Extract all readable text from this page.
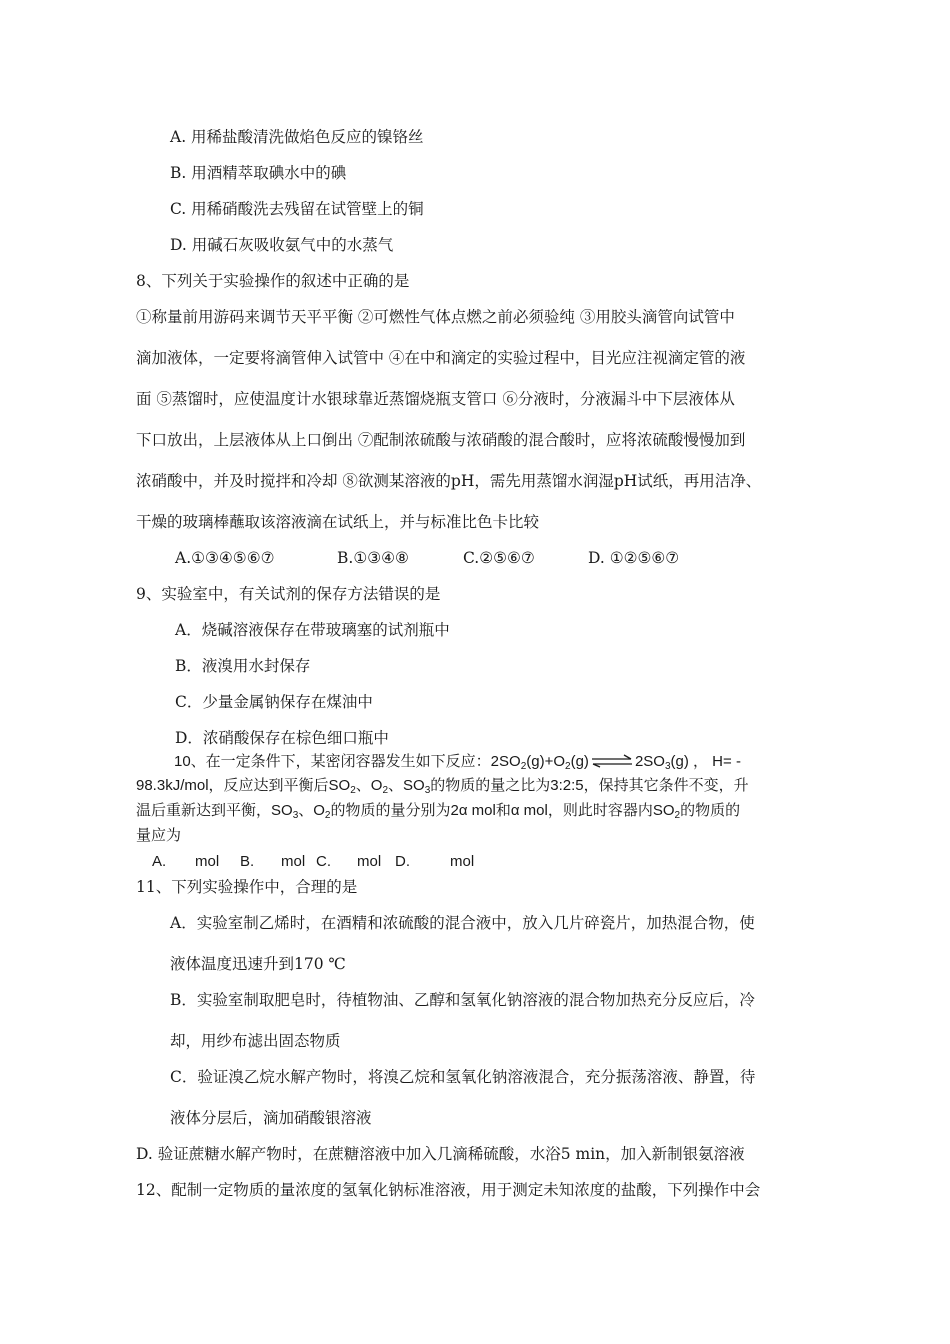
A. 用稀盐酸清洗做焰色反应的镍铬丝
B. 用酒精萃取碘水中的碘
C. 用稀硝酸洗去残留在试管壁上的铜
D. 用碱石灰吸收氨气中的水蒸气
8、下列关于实验操作的叙述中正确的是
①称量前用游码来调节天平平衡 ②可燃性气体点燃之前必须验纯 ③用胶头滴管向试管中
滴加液体，一定要将滴管伸入试管中 ④在中和滴定的实验过程中，目光应注视滴定管的液
面 ⑤蒸馏时，应使温度计水银球靠近蒸馏烧瓶支管口 ⑥分液时，分液漏斗中下层液体从
下口放出，上层液体从上口倒出 ⑦配制浓硫酸与浓硝酸的混合酸时，应将浓硫酸慢慢加到
浓硝酸中，并及时搅拌和冷却 ⑧欲测某溶液的pH，需先用蒸馏水润湿pH试纸，再用洁净、
干燥的玻璃棒蘸取该溶液滴在试纸上，并与标准比色卡比较
A.①③④⑤⑥⑦	B.①③④⑧	C.②⑤⑥⑦	D. ①②⑤⑥⑦
9、实验室中，有关试剂的保存方法错误的是
A．烧碱溶液保存在带玻璃塞的试剂瓶中
B．液溴用水封保存
C．少量金属钠保存在煤油中
D．浓硝酸保存在棕色细口瓶中
10、在一定条件下，某密闭容器发生如下反应：$2SO_2(g)+O_2(g)$ ⇌ $2SO_3(g)$ ， H= -
98.3kJ/mol，反应达到平衡后$SO_2$、$O_2$、$SO_3$的物质的量之比为3:2:5，保持其它条件不变，升
温后重新达到平衡，$SO_3$、$O_2$的物质的量分别为2α mol和α mol，则此时容器内$SO_2$的物质的
量应为
A. mol B. mol C. mol D.	mol
11、下列实验操作中，合理的是
A．实验室制乙烯时，在酒精和浓硫酸的混合液中，放入几片碎瓷片，加热混合物，使
液体温度迅速升到170 ℃
B．实验室制取肥皂时，待植物油、乙醇和氢氧化钠溶液的混合物加热充分反应后，冷
却，用纱布滤出固态物质
C．验证溴乙烷水解产物时，将溴乙烷和氢氧化钠溶液混合，充分振荡溶液、静置，待
液体分层后，滴加硝酸银溶液
D. 验证蔗糖水解产物时，在蔗糖溶液中加入几滴稀硫酸，水浴5 min，加入新制银氨溶液
12、配制一定物质的量浓度的氢氧化钠标准溶液，用于测定未知浓度的盐酸，下列操作中会
